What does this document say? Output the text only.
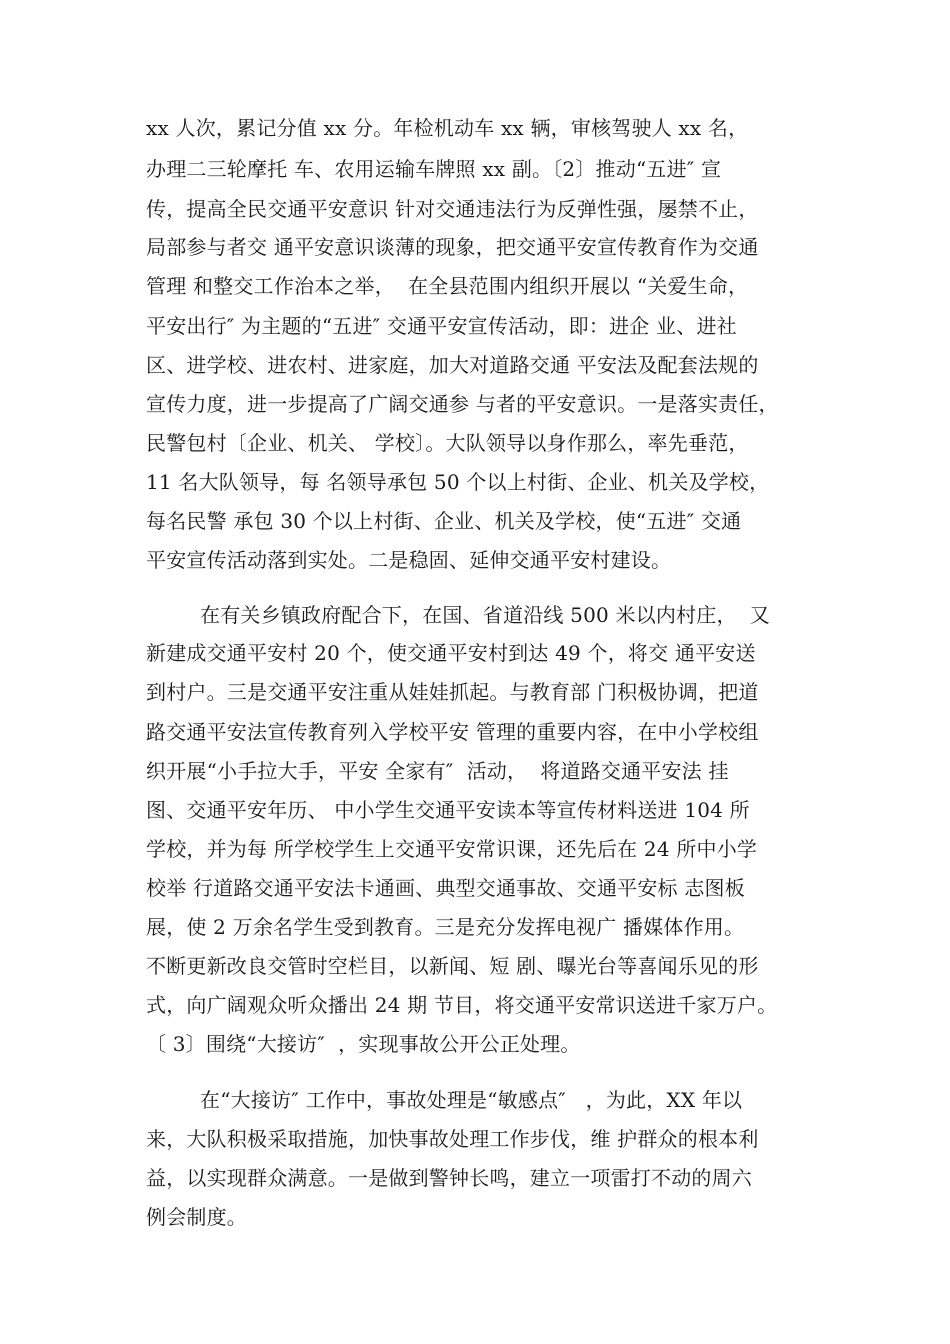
xx 人次，累记分值 xx 分。年检机动车 xx 辆，审核驾驶人 xx 名，
办理二三轮摩托 车、农用运输车牌照 xx 副。〔2〕推动“五进″ 宣
传，提高全民交通平安意识 针对交通违法行为反弹性强，屡禁不止，
局部参与者交 通平安意识谈薄的现象，把交通平安宣传教育作为交通
管理 和整交工作治本之举，  在全县范围内组织开展以 “关爱生命，
平安出行″ 为主题的“五进″ 交通平安宣传活动，即：进企 业、进社
区、进学校、进农村、进家庭，加大对道路交通 平安法及配套法规的
宣传力度，进一步提高了广阔交通参 与者的平安意识。一是落实责任，
民警包村〔企业、机关、 学校〕。大队领导以身作那么，率先垂范，
11 名大队领导，每 名领导承包 50 个以上村街、企业、机关及学校，
每名民警 承包 30 个以上村街、企业、机关及学校，使“五进″ 交通
平安宣传活动落到实处。二是稳固、延伸交通平安村建设。
在有关乡镇政府配合下，在国、省道沿线 500 米以内村庄，  又
新建成交通平安村 20 个，使交通平安村到达 49 个，将交 通平安送
到村户。三是交通平安注重从娃娃抓起。与教育部 门积极协调，把道
路交通平安法宣传教育列入学校平安 管理的重要内容，在中小学校组
织开展“小手拉大手，平安 全家有″  活动，  将道路交通平安法 挂
图、交通平安年历、 中小学生交通平安读本等宣传材料送进 104 所
学校，并为每 所学校学生上交通平安常识课，还先后在 24 所中小学
校举 行道路交通平安法卡通画、典型交通事故、交通平安标 志图板
展，使 2 万余名学生受到教育。三是充分发挥电视广 播媒体作用。
不断更新改良交管时空栏目，以新闻、短 剧、曝光台等喜闻乐见的形
式，向广阔观众听众播出 24 期 节目，将交通平安常识送进千家万户。
〔 3〕围绕“大接访″  ，实现事故公开公正处理。
在“大接访″ 工作中，事故处理是“敏感点″   ，为此，XX 年以
来，大队积极采取措施，加快事故处理工作步伐，维 护群众的根本利
益，以实现群众满意。一是做到警钟长鸣，建立一项雷打不动的周六
例会制度。
